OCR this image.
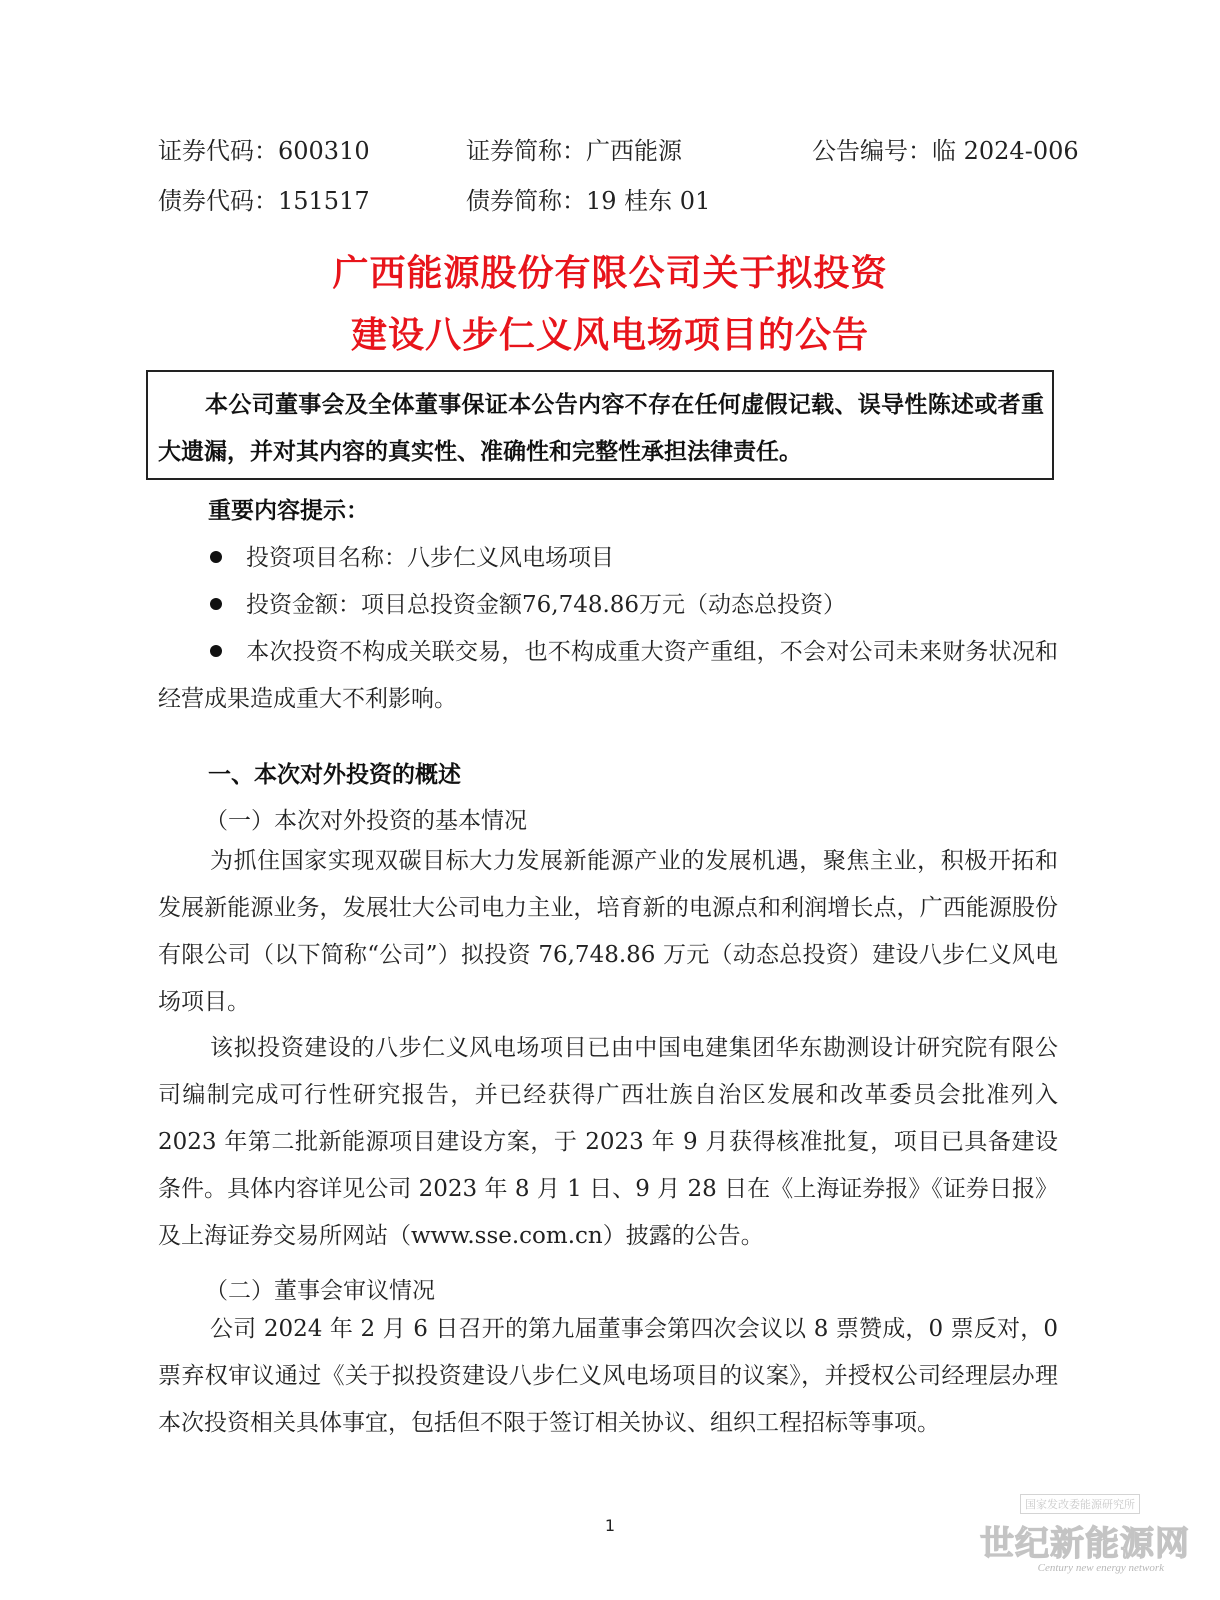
证券代码：600310	证券简称：广西能源	公告编号：临 2024-006
债券代码：151517	债券简称：19 桂东 01
广西能源股份有限公司关于拟投资
建设八步仁义风电场项目的公告
本公司董事会及全体董事保证本公告内容不存在任何虚假记载、误导性陈述或者重大遗漏，并对其内容的真实性、准确性和完整性承担法律责任。
重要内容提示：
投资项目名称：八步仁义风电场项目
投资金额：项目总投资金额76,748.86万元（动态总投资）
本次投资不构成关联交易，也不构成重大资产重组，不会对公司未来财务状况和经营成果造成重大不利影响。
一、本次对外投资的概述
（一）本次对外投资的基本情况
为抓住国家实现双碳目标大力发展新能源产业的发展机遇，聚焦主业，积极开拓和发展新能源业务，发展壮大公司电力主业，培育新的电源点和利润增长点，广西能源股份有限公司（以下简称“公司”）拟投资 76,748.86 万元（动态总投资）建设八步仁义风电场项目。
该拟投资建设的八步仁义风电场项目已由中国电建集团华东勘测设计研究院有限公司编制完成可行性研究报告，并已经获得广西壮族自治区发展和改革委员会批准列入 2023 年第二批新能源项目建设方案，于 2023 年 9 月获得核准批复，项目已具备建设条件。具体内容详见公司 2023 年 8 月 1 日、9 月 28 日在《上海证券报》《证券日报》及上海证券交易所网站（www.sse.com.cn）披露的公告。
（二）董事会审议情况
公司 2024 年 2 月 6 日召开的第九届董事会第四次会议以 8 票赞成，0 票反对，0 票弃权审议通过《关于拟投资建设八步仁义风电场项目的议案》，并授权公司经理层办理本次投资相关具体事宜，包括但不限于签订相关协议、组织工程招标等事项。
1
国家发改委能源研究所
世纪新能源网
Century new energy network
